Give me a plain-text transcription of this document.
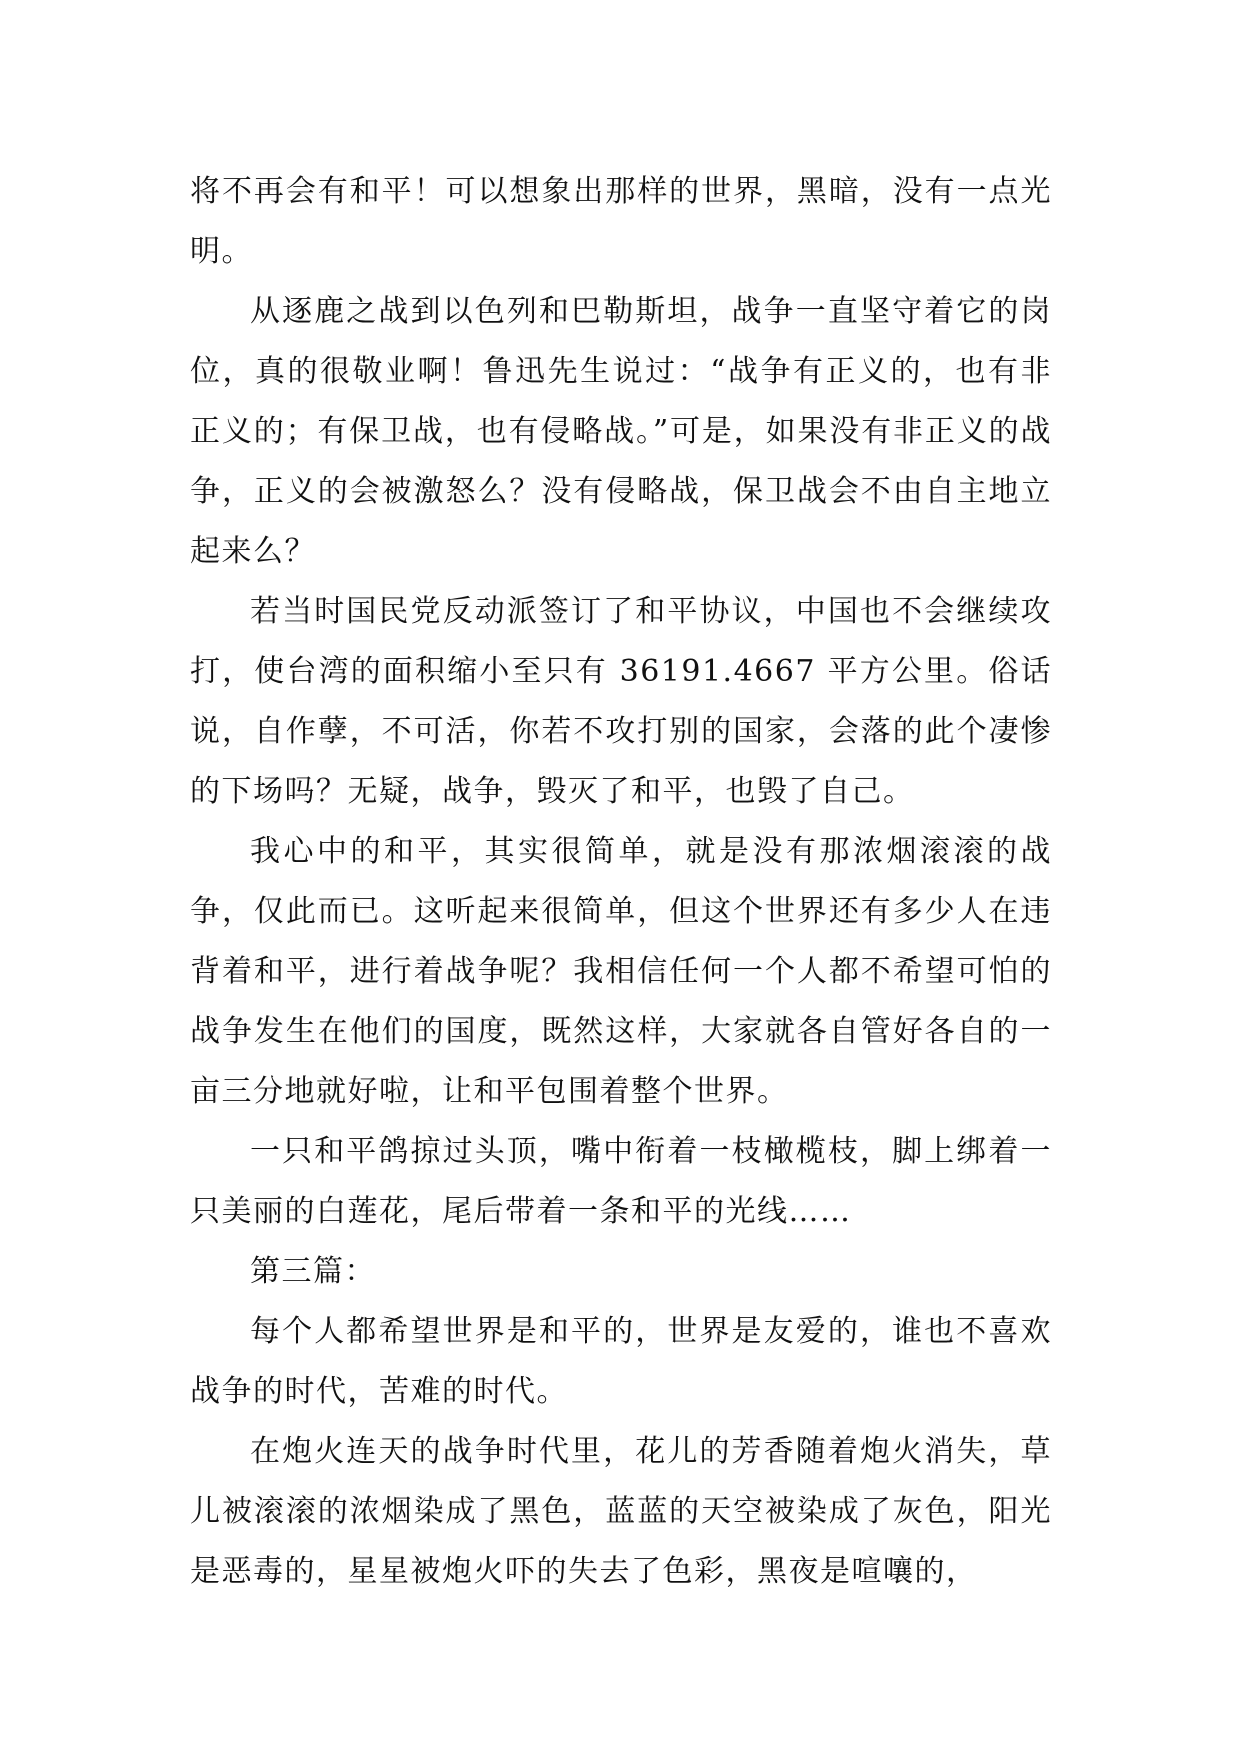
将不再会有和平！可以想象出那样的世界，黑暗，没有一点光明。

从逐鹿之战到以色列和巴勒斯坦，战争一直坚守着它的岗位，真的很敬业啊！鲁迅先生说过：“战争有正义的，也有非正义的；有保卫战，也有侵略战。”可是，如果没有非正义的战争，正义的会被激怒么？没有侵略战，保卫战会不由自主地立起来么？

若当时国民党反动派签订了和平协议，中国也不会继续攻打，使台湾的面积缩小至只有 36191.4667 平方公里。俗话说，自作孽，不可活，你若不攻打别的国家，会落的此个凄惨的下场吗？无疑，战争，毁灭了和平，也毁了自己。

我心中的和平，其实很简单，就是没有那浓烟滚滚的战争，仅此而已。这听起来很简单，但这个世界还有多少人在违背着和平，进行着战争呢？我相信任何一个人都不希望可怕的战争发生在他们的国度，既然这样，大家就各自管好各自的一亩三分地就好啦，让和平包围着整个世界。

一只和平鸽掠过头顶，嘴中衔着一枝橄榄枝，脚上绑着一只美丽的白莲花，尾后带着一条和平的光线……

第三篇：

每个人都希望世界是和平的，世界是友爱的，谁也不喜欢战争的时代，苦难的时代。

在炮火连天的战争时代里，花儿的芳香随着炮火消失，草儿被滚滚的浓烟染成了黑色，蓝蓝的天空被染成了灰色，阳光是恶毒的，星星被炮火吓的失去了色彩，黑夜是喧嚷的，
